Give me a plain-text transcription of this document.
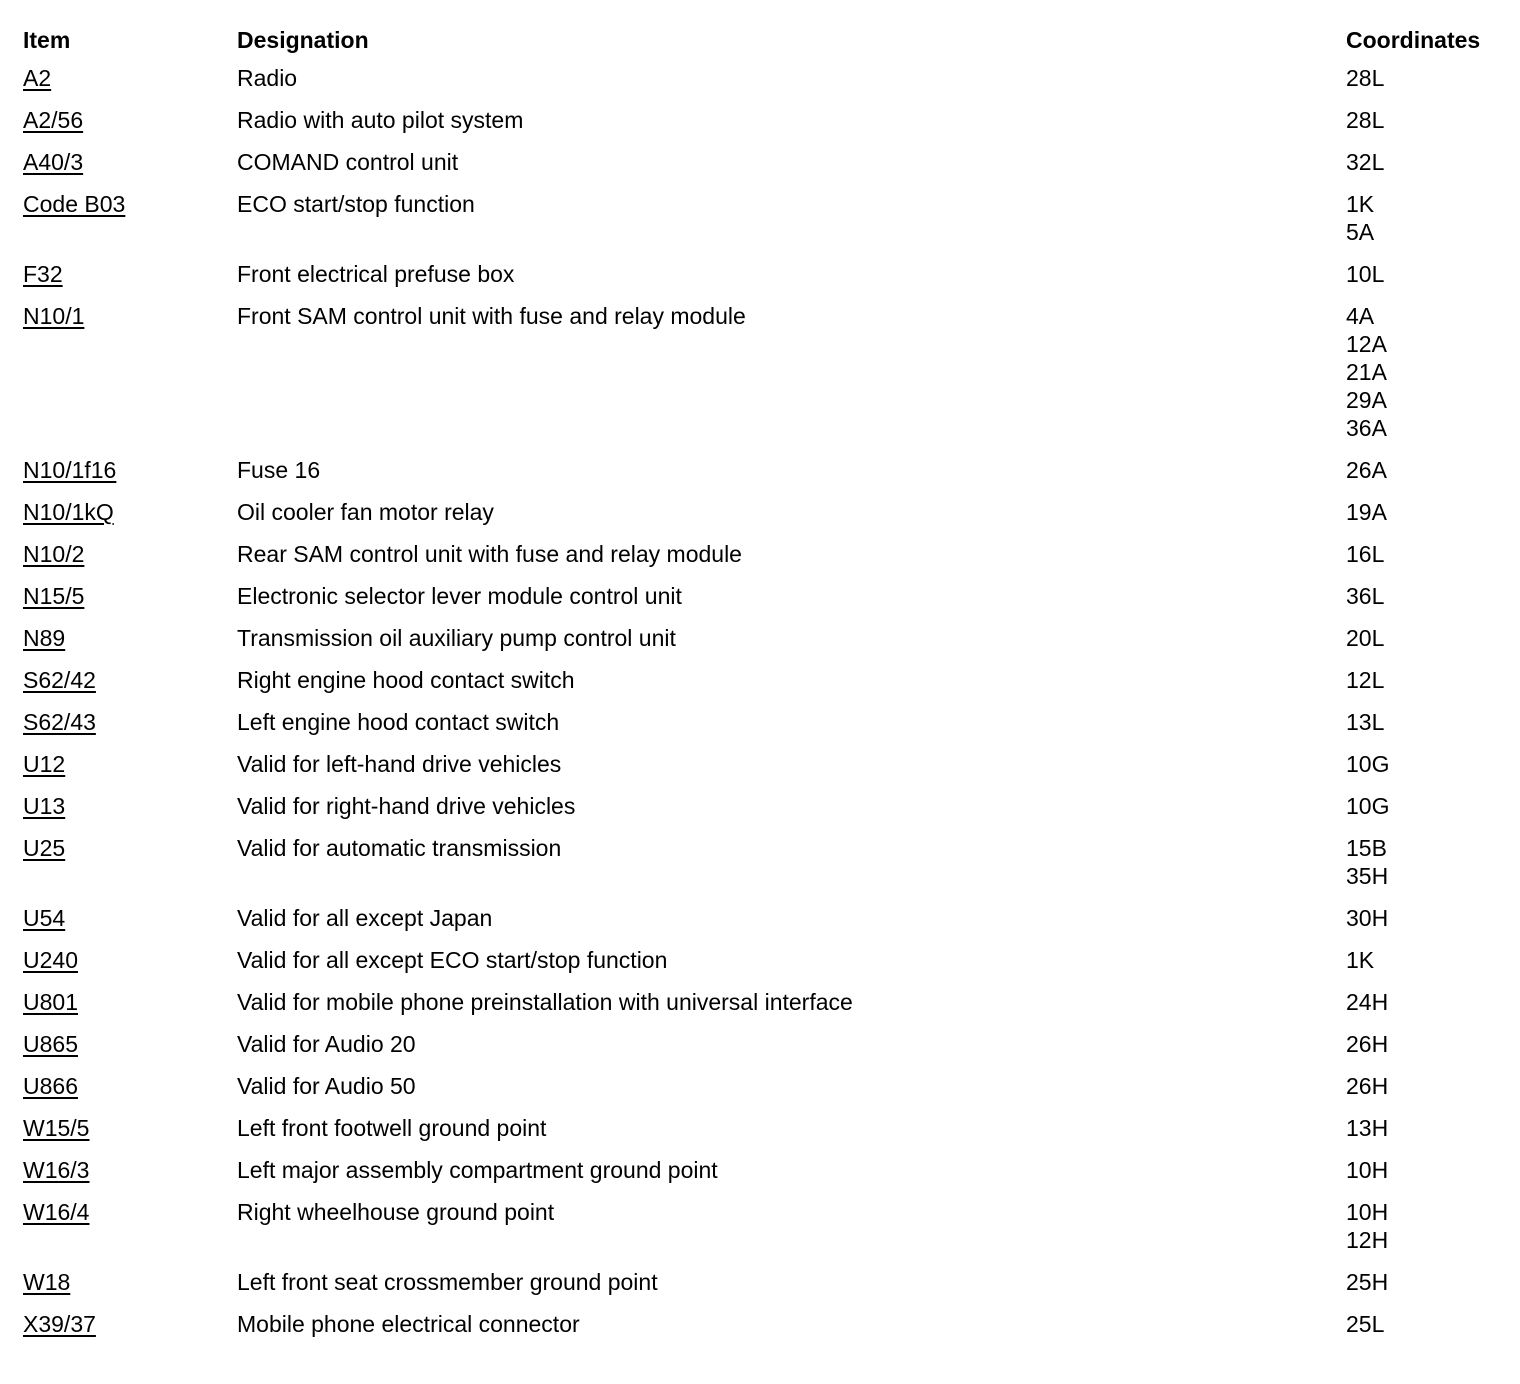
Item	Designation	Coordinates
A2	Radio	28L
A2/56	Radio with auto pilot system	28L
A40/3	COMAND control unit	32L
Code B03	ECO start/stop function	1K
5A
F32	Front electrical prefuse box	10L
N10/1	Front SAM control unit with fuse and relay module	4A
12A
21A
29A
36A
N10/1f16	Fuse 16	26A
N10/1kQ	Oil cooler fan motor relay	19A
N10/2	Rear SAM control unit with fuse and relay module	16L
N15/5	Electronic selector lever module control unit	36L
N89	Transmission oil auxiliary pump control unit	20L
S62/42	Right engine hood contact switch	12L
S62/43	Left engine hood contact switch	13L
U12	Valid for left-hand drive vehicles	10G
U13	Valid for right-hand drive vehicles	10G
U25	Valid for automatic transmission	15B
35H
U54	Valid for all except Japan	30H
U240	Valid for all except ECO start/stop function	1K
U801	Valid for mobile phone preinstallation with universal interface	24H
U865	Valid for Audio 20	26H
U866	Valid for Audio 50	26H
W15/5	Left front footwell ground point	13H
W16/3	Left major assembly compartment ground point	10H
W16/4	Right wheelhouse ground point	10H
12H
W18	Left front seat crossmember ground point	25H
X39/37	Mobile phone electrical connector	25L
